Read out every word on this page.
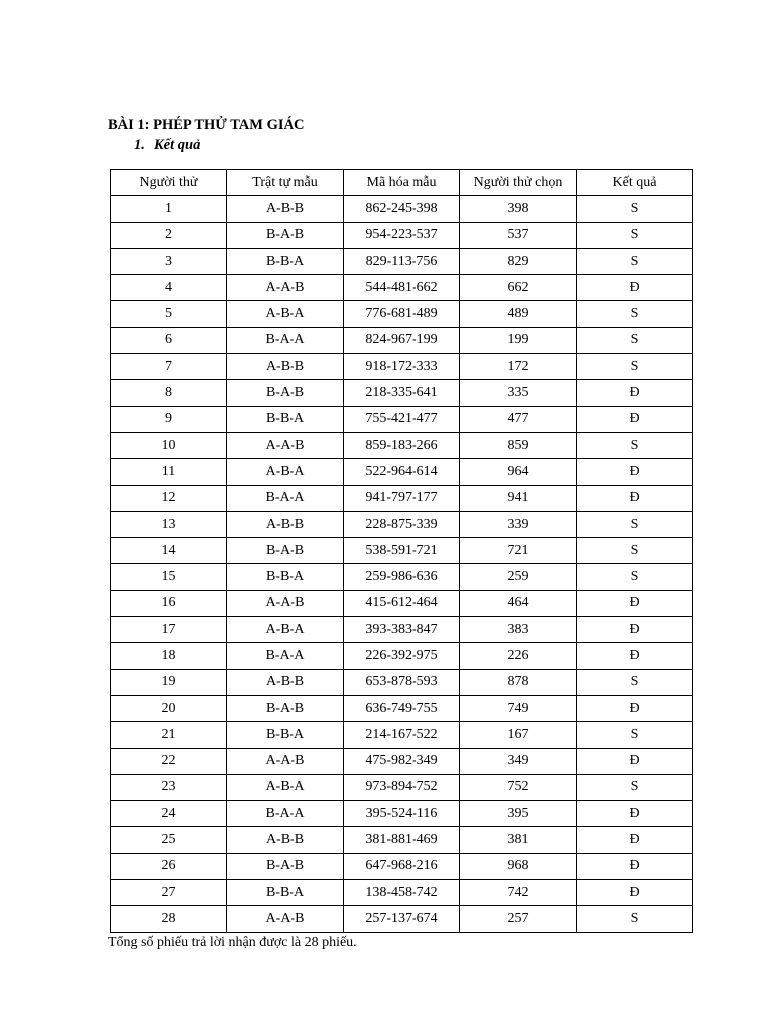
BÀI 1: PHÉP THỬ TAM GIÁC
1. Kết quả
Người thử	Trật tự mẫu	Mã hóa mẫu	Người thử chọn	Kết quả
1	A-B-B	862-245-398	398	S
2	B-A-B	954-223-537	537	S
3	B-B-A	829-113-756	829	S
4	A-A-B	544-481-662	662	Đ
5	A-B-A	776-681-489	489	S
6	B-A-A	824-967-199	199	S
7	A-B-B	918-172-333	172	S
8	B-A-B	218-335-641	335	Đ
9	B-B-A	755-421-477	477	Đ
10	A-A-B	859-183-266	859	S
11	A-B-A	522-964-614	964	Đ
12	B-A-A	941-797-177	941	Đ
13	A-B-B	228-875-339	339	S
14	B-A-B	538-591-721	721	S
15	B-B-A	259-986-636	259	S
16	A-A-B	415-612-464	464	Đ
17	A-B-A	393-383-847	383	Đ
18	B-A-A	226-392-975	226	Đ
19	A-B-B	653-878-593	878	S
20	B-A-B	636-749-755	749	Đ
21	B-B-A	214-167-522	167	S
22	A-A-B	475-982-349	349	Đ
23	A-B-A	973-894-752	752	S
24	B-A-A	395-524-116	395	Đ
25	A-B-B	381-881-469	381	Đ
26	B-A-B	647-968-216	968	Đ
27	B-B-A	138-458-742	742	Đ
28	A-A-B	257-137-674	257	S
Tổng số phiếu trả lời nhận được là 28 phiếu.
